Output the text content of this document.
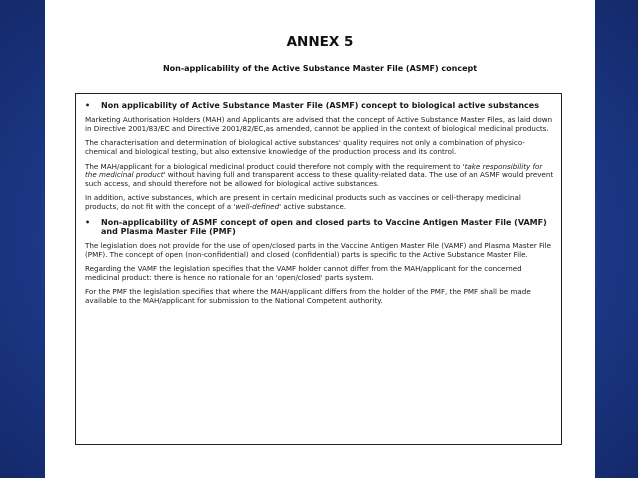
ANNEX 5
Non-applicability of the Active Substance Master File (ASMF) concept
•	Non applicability of Active Substance Master File (ASMF) concept to biological active substances

Marketing Authorisation Holders (MAH) and Applicants are advised that the concept of Active Substance Master Files, as laid down in Directive 2001/83/EC and Directive 2001/82/EC,as amended, cannot be applied in the context of biological medicinal products.

The characterisation and determination of biological active substances' quality requires not only a combination of physico-chemical and biological testing, but also extensive knowledge of the production process and its control.

The MAH/applicant for a biological medicinal product could therefore not comply with the requirement to 'take responsibility for the medicinal product' without having full and transparent access to these quality-related data. The use of an ASMF would prevent such access, and should therefore not be allowed for biological active substances.

In addition, active substances, which are present in certain medicinal products such as vaccines or cell-therapy medicinal products, do not fit with the concept of a 'well-defined' active substance.

•	Non-applicability of ASMF concept of open and closed parts to Vaccine Antigen Master File (VAMF) and Plasma Master File (PMF)

The legislation does not provide for the use of open/closed parts in the Vaccine Antigen Master File (VAMF) and Plasma Master File (PMF). The concept of open (non-confidential) and closed (confidential) parts is specific to the Active Substance Master File.

Regarding the VAMF the legislation specifies that the VAMF holder cannot differ from the MAH/applicant for the concerned medicinal product: there is hence no rationale for an 'open/closed' parts system.

For the PMF the legislation specifies that where the MAH/applicant differs from the holder of the PMF, the PMF shall be made available to the MAH/applicant for submission to the National Competent authority.
